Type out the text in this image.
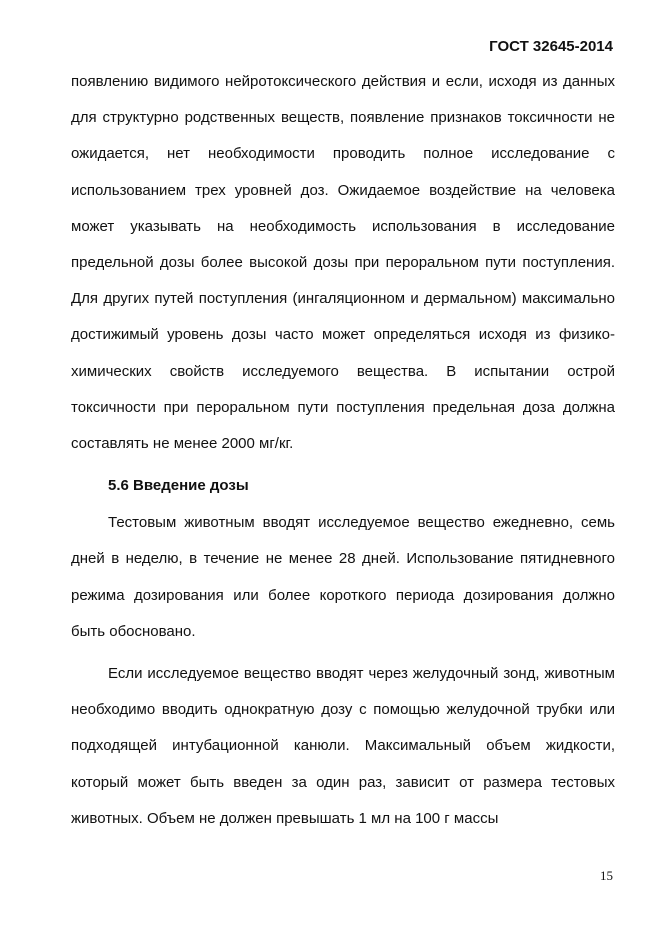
ГОСТ 32645-2014

появлению видимого нейротоксического действия и если, исходя из данных для структурно родственных веществ, появление признаков токсичности не ожидается, нет необходимости проводить полное исследование с использованием трех уровней доз. Ожидаемое воздействие на человека может указывать на необходимость использования в исследование предельной дозы более высокой дозы при пероральном пути поступления. Для других путей поступления (ингаляционном и дермальном) максимально достижимый уровень дозы часто может определяться исходя из физико-химических свойств исследуемого вещества. В испытании острой токсичности при пероральном пути поступления предельная доза должна составлять не менее 2000 мг/кг.

5.6 Введение дозы

Тестовым животным вводят исследуемое вещество ежедневно, семь дней в неделю, в течение не менее 28 дней. Использование пятидневного режима дозирования или более короткого периода дозирования должно быть обосновано.

Если исследуемое вещество вводят через желудочный зонд, животным необходимо вводить однократную дозу с помощью желудочной трубки или подходящей интубационной канюли. Максимальный объем жидкости, который может быть введен за один раз, зависит от размера тестовых животных. Объем не должен превышать 1 мл на 100 г массы

15
